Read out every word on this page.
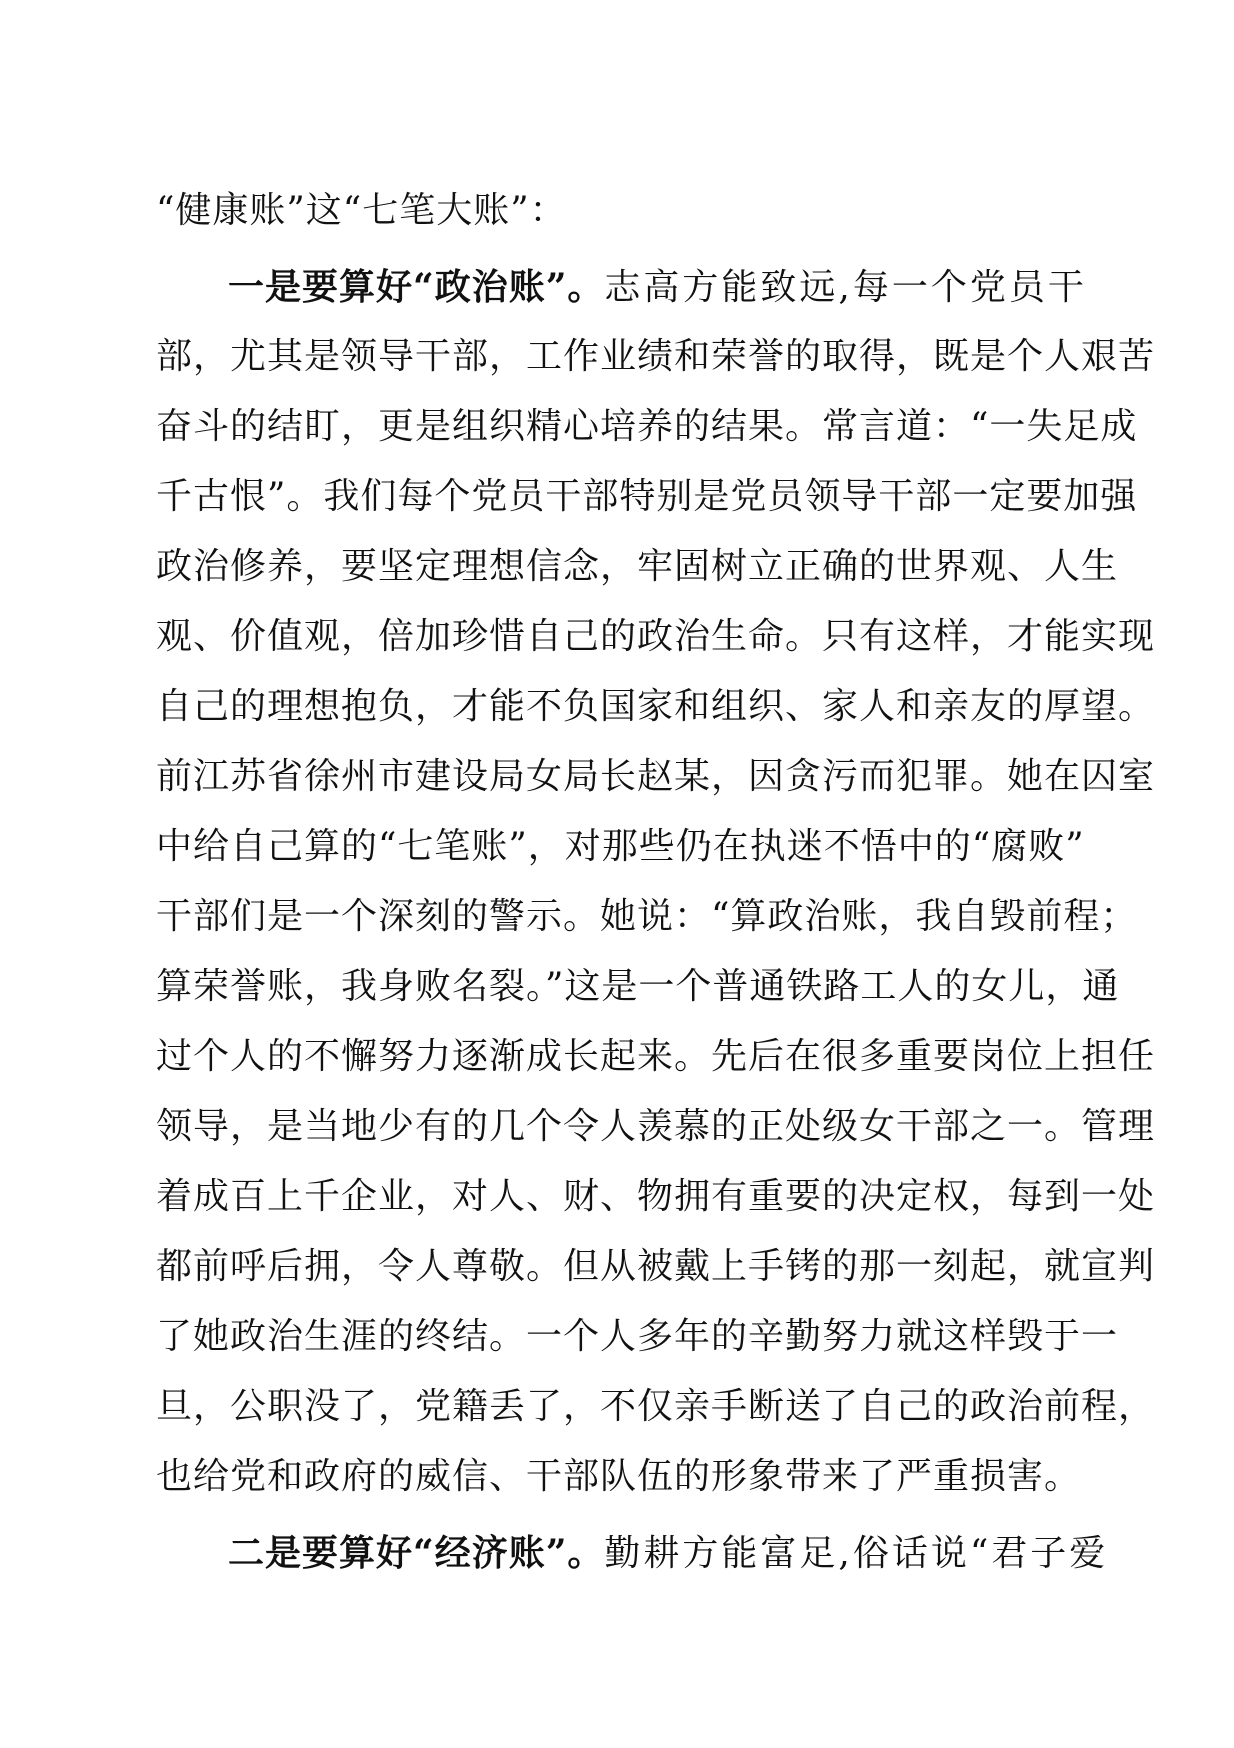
“健康账”这“七笔大账”：
一是要算好“政治账”。志高方能致远,每一个党员干
部，尤其是领导干部，工作业绩和荣誉的取得，既是个人艰苦
奋斗的结盯，更是组织精心培养的结果。常言道：“一失足成
千古恨”。我们每个党员干部特别是党员领导干部一定要加强
政治修养，要坚定理想信念，牢固树立正确的世界观、人生
观、价值观，倍加珍惜自己的政治生命。只有这样，才能实现
自己的理想抱负，才能不负国家和组织、家人和亲友的厚望。
前江苏省徐州市建设局女局长赵某，因贪污而犯罪。她在囚室
中给自己算的“七笔账”，对那些仍在执迷不悟中的“腐败”
干部们是一个深刻的警示。她说：“算政治账，我自毁前程；
算荣誉账，我身败名裂。”这是一个普通铁路工人的女儿，通
过个人的不懈努力逐渐成长起来。先后在很多重要岗位上担任
领导，是当地少有的几个令人羡慕的正处级女干部之一。管理
着成百上千企业，对人、财、物拥有重要的决定权，每到一处
都前呼后拥，令人尊敬。但从被戴上手铐的那一刻起，就宣判
了她政治生涯的终结。一个人多年的辛勤努力就这样毁于一
旦，公职没了，党籍丢了，不仅亲手断送了自己的政治前程，
也给党和政府的威信、干部队伍的形象带来了严重损害。
二是要算好“经济账”。勤耕方能富足,俗话说“君子爱
